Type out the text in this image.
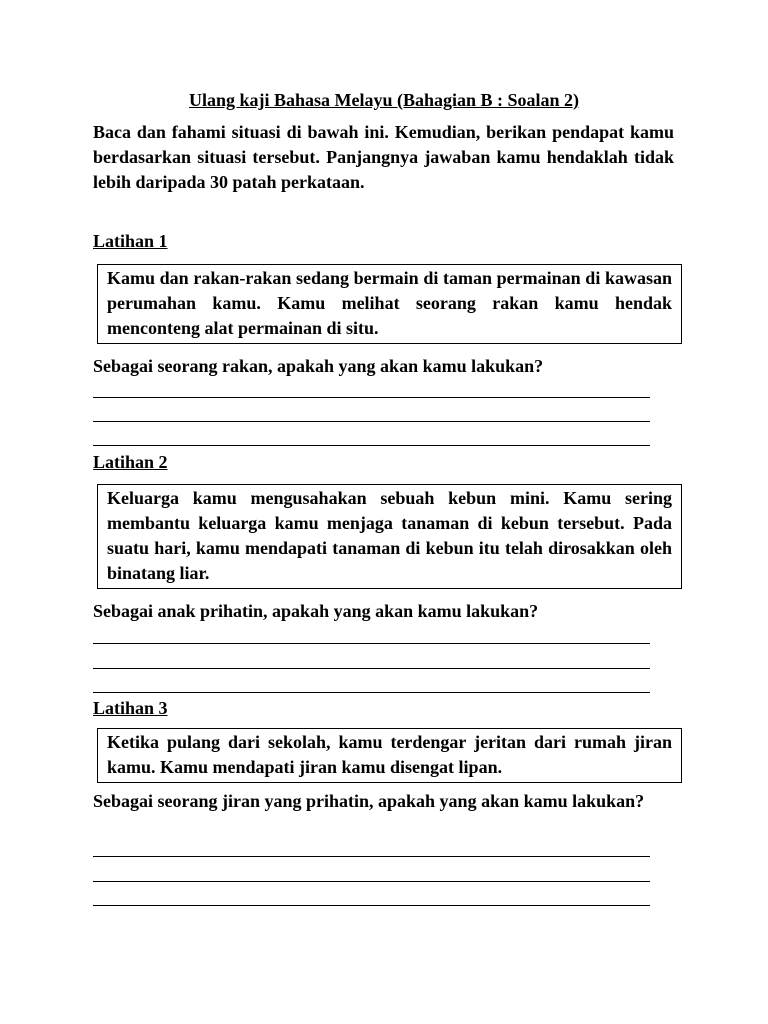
Ulang kaji Bahasa Melayu (Bahagian B : Soalan 2)

Baca dan fahami situasi di bawah ini. Kemudian, berikan pendapat kamu berdasarkan situasi tersebut. Panjangnya jawaban kamu hendaklah tidak lebih daripada 30 patah perkataan.

Latihan 1

Kamu dan rakan-rakan sedang bermain di taman permainan di kawasan perumahan kamu. Kamu melihat seorang rakan kamu hendak menconteng alat permainan di situ.

Sebagai seorang rakan, apakah yang akan kamu lakukan?

Latihan 2

Keluarga kamu mengusahakan sebuah kebun mini. Kamu sering membantu keluarga kamu menjaga tanaman di kebun tersebut. Pada suatu hari, kamu mendapati tanaman di kebun itu telah dirosakkan oleh binatang liar.

Sebagai anak prihatin, apakah yang akan kamu lakukan?

Latihan 3

Ketika pulang dari sekolah, kamu terdengar jeritan dari rumah jiran kamu. Kamu mendapati jiran kamu disengat lipan.

Sebagai seorang jiran yang prihatin, apakah yang akan kamu lakukan?
